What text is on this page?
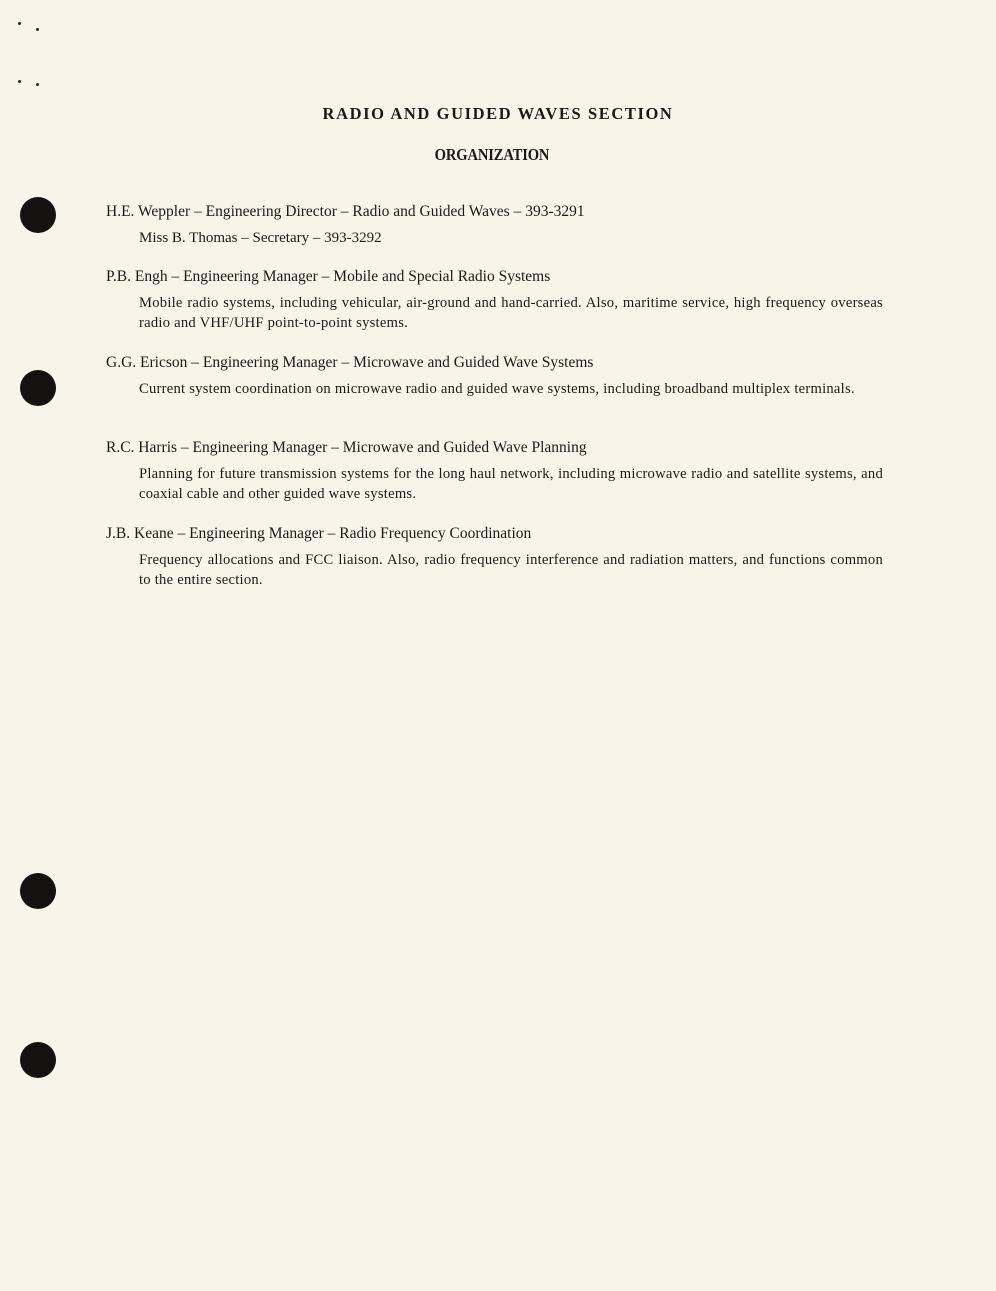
RADIO AND GUIDED WAVES SECTION
ORGANIZATION

H.E. Weppler – Engineering Director – Radio and Guided Waves – 393-3291

Miss B. Thomas – Secretary – 393-3292

P.B. Engh – Engineering Manager – Mobile and Special Radio Systems

Mobile radio systems, including vehicular, air-ground and hand-carried. Also, maritime service, high frequency overseas radio and VHF/UHF point-to-point systems.

G.G. Ericson – Engineering Manager – Microwave and Guided Wave Systems

Current system coordination on microwave radio and guided wave systems, including broadband multiplex terminals.

R.C. Harris – Engineering Manager – Microwave and Guided Wave Planning

Planning for future transmission systems for the long haul network, including microwave radio and satellite systems, and coaxial cable and other guided wave systems.

J.B. Keane – Engineering Manager – Radio Frequency Coordination

Frequency allocations and FCC liaison. Also, radio frequency interference and radiation matters, and functions common to the entire section.
